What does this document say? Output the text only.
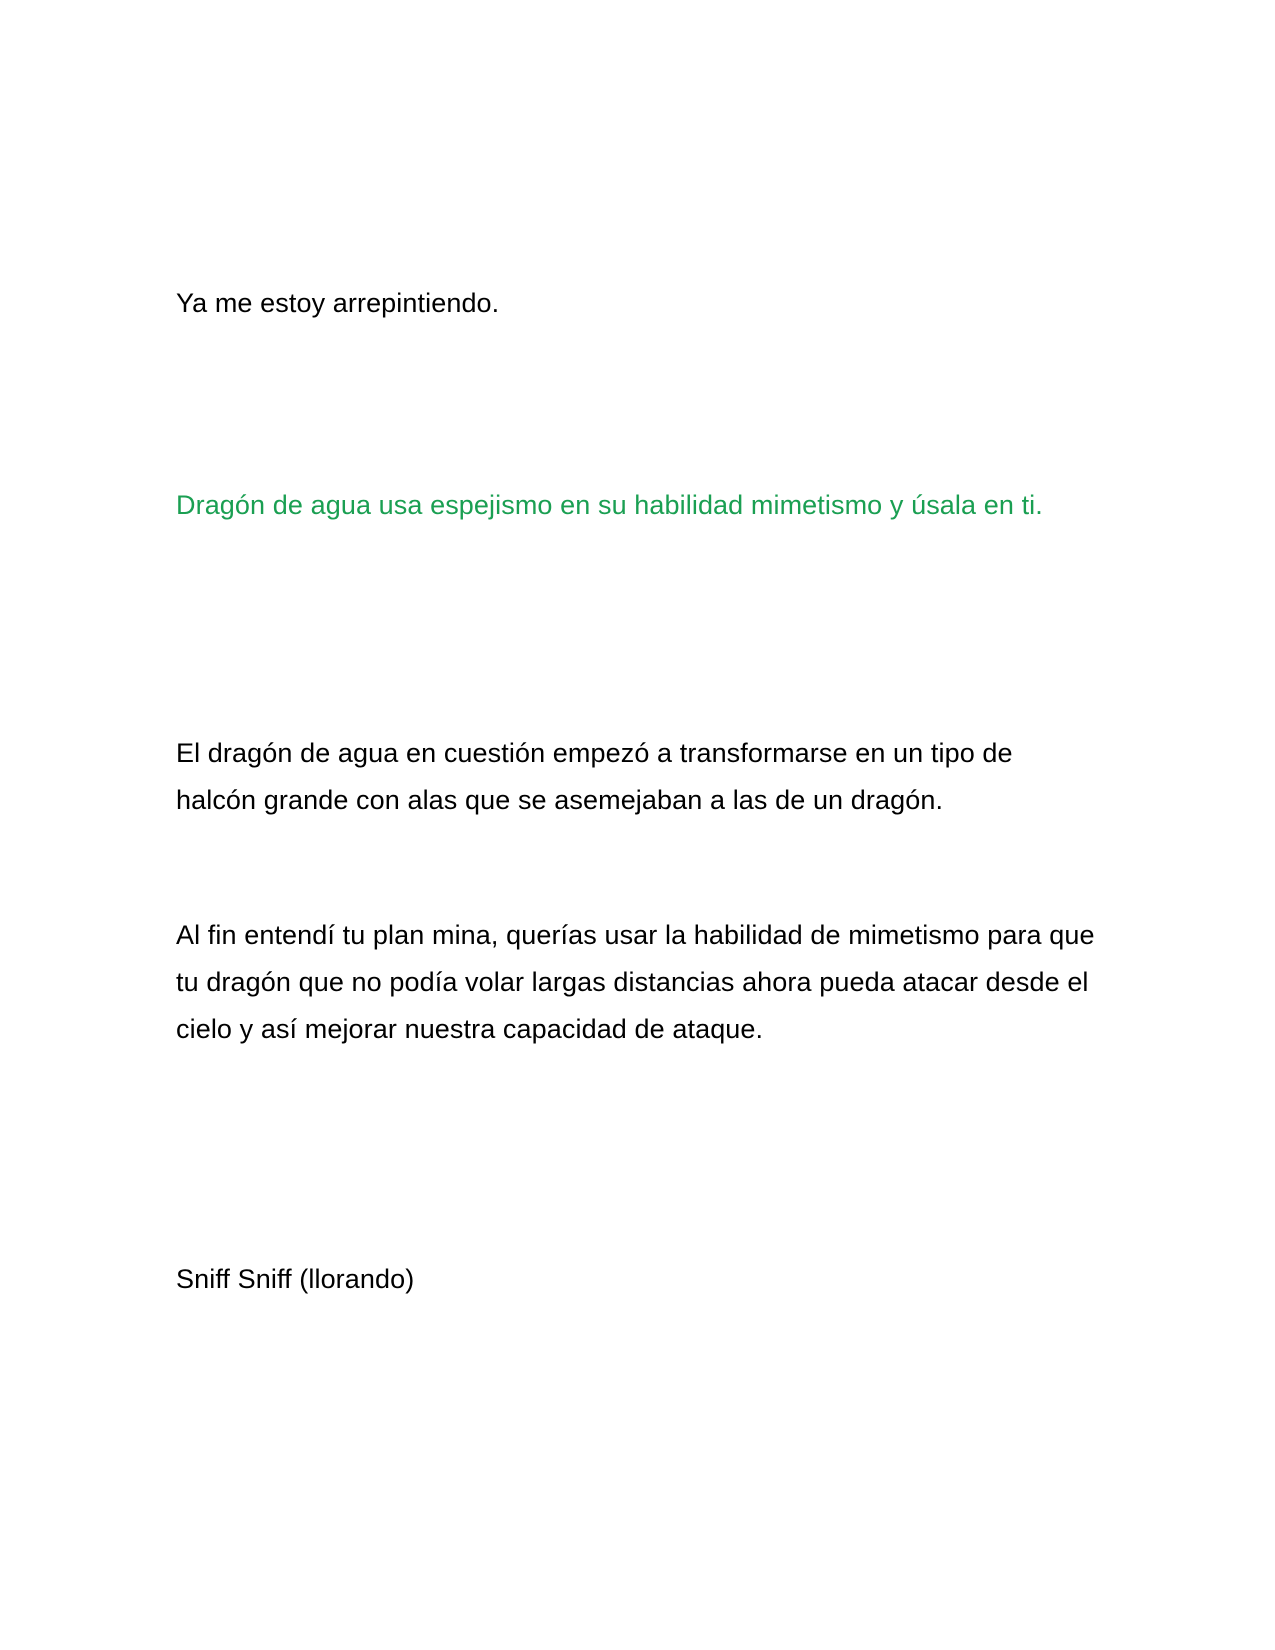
Ya me estoy arrepintiendo.

Dragón de agua usa espejismo en su habilidad mimetismo y úsala en ti.

El dragón de agua en cuestión empezó a transformarse en un tipo de halcón grande con alas que se asemejaban a las de un dragón.

Al fin entendí tu plan mina, querías usar la habilidad de mimetismo para que tu dragón que no podía volar largas distancias ahora pueda atacar desde el cielo y así mejorar nuestra capacidad de ataque.

Sniff Sniff (llorando)
